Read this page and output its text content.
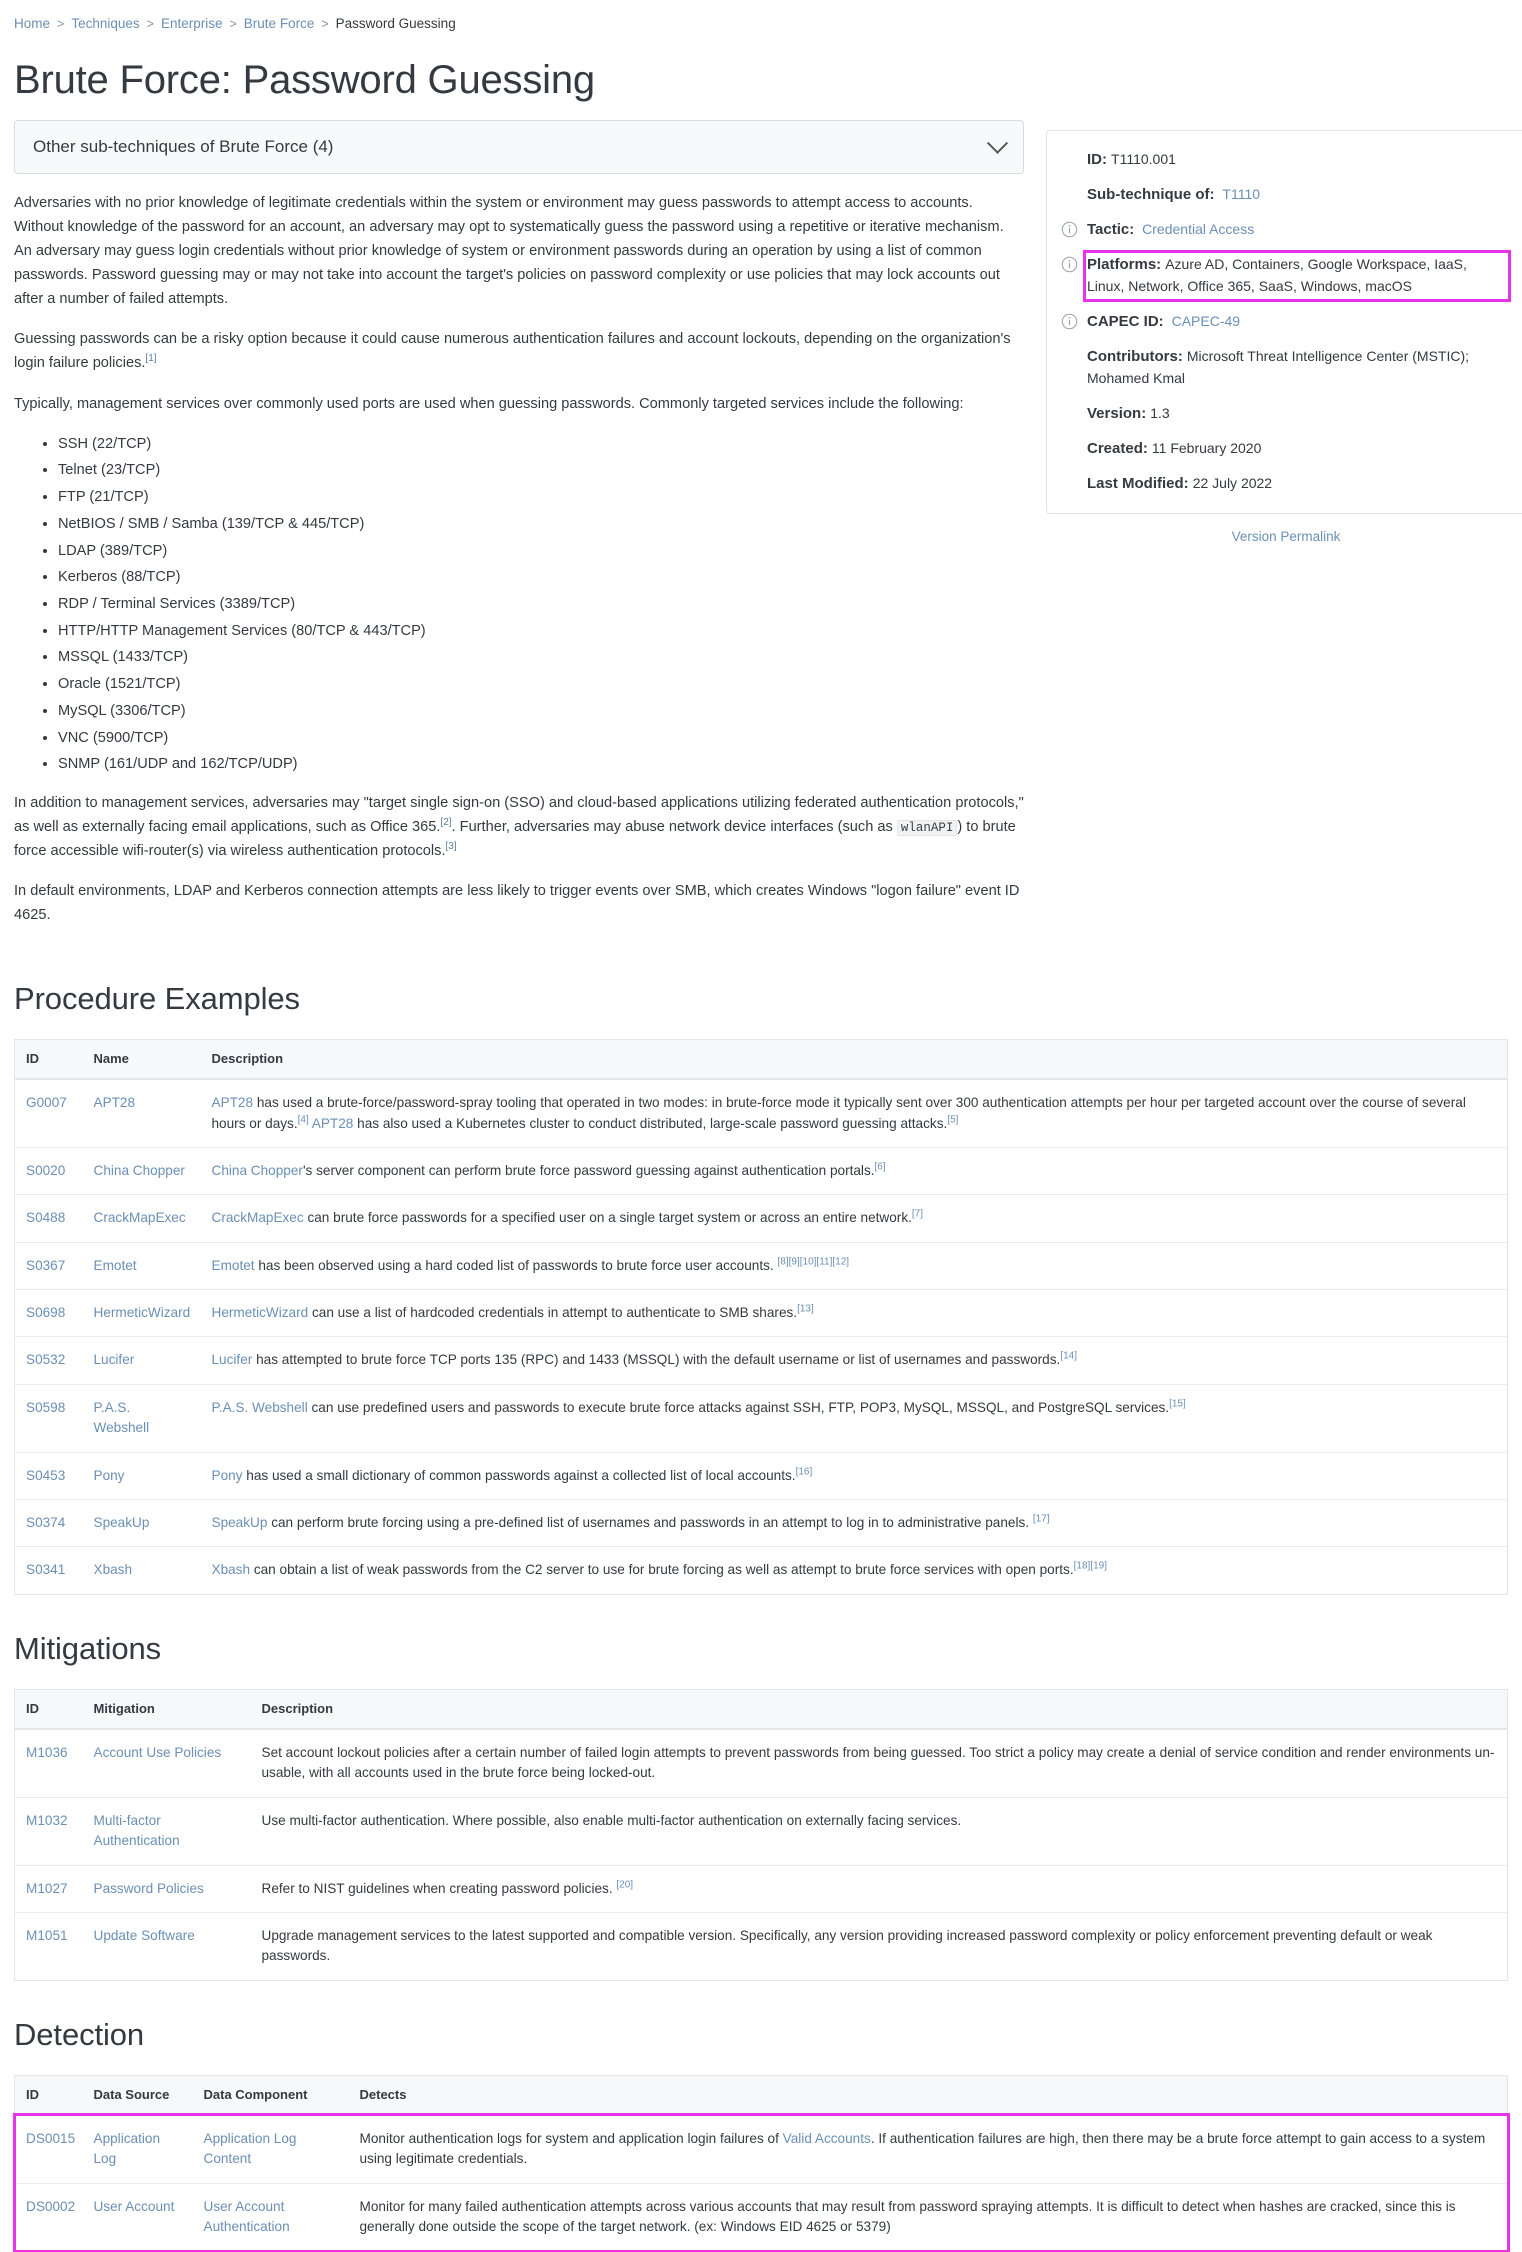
Home > Techniques > Enterprise > Brute Force > Password Guessing
Brute Force: Password Guessing
Other sub-techniques of Brute Force (4)

Adversaries with no prior knowledge of legitimate credentials within the system or environment may guess passwords to attempt access to accounts. Without knowledge of the password for an account, an adversary may opt to systematically guess the password using a repetitive or iterative mechanism. An adversary may guess login credentials without prior knowledge of system or environment passwords during an operation by using a list of common passwords. Password guessing may or may not take into account the target's policies on password complexity or use policies that may lock accounts out after a number of failed attempts.

Guessing passwords can be a risky option because it could cause numerous authentication failures and account lockouts, depending on the organization's login failure policies.[1]

Typically, management services over commonly used ports are used when guessing passwords. Commonly targeted services include the following:

• SSH (22/TCP)
• Telnet (23/TCP)
• FTP (21/TCP)
• NetBIOS / SMB / Samba (139/TCP & 445/TCP)
• LDAP (389/TCP)
• Kerberos (88/TCP)
• RDP / Terminal Services (3389/TCP)
• HTTP/HTTP Management Services (80/TCP & 443/TCP)
• MSSQL (1433/TCP)
• Oracle (1521/TCP)
• MySQL (3306/TCP)
• VNC (5900/TCP)
• SNMP (161/UDP and 162/TCP/UDP)

In addition to management services, adversaries may "target single sign-on (SSO) and cloud-based applications utilizing federated authentication protocols," as well as externally facing email applications, such as Office 365.[2]. Further, adversaries may abuse network device interfaces (such as wlanAPI ) to brute force accessible wifi-router(s) via wireless authentication protocols.[3]

In default environments, LDAP and Kerberos connection attempts are less likely to trigger events over SMB, which creates Windows "logon failure" event ID 4625.

ID: T1110.001
Sub-technique of: T1110
Tactic: Credential Access
Platforms: Azure AD, Containers, Google Workspace, IaaS, Linux, Network, Office 365, SaaS, Windows, macOS
CAPEC ID: CAPEC-49
Contributors: Microsoft Threat Intelligence Center (MSTIC); Mohamed Kmal
Version: 1.3
Created: 11 February 2020
Last Modified: 22 July 2022
Version Permalink
Procedure Examples
ID	Name	Description
G0007	APT28	APT28 has used a brute-force/password-spray tooling that operated in two modes: in brute-force mode it typically sent over 300 authentication attempts per hour per targeted account over the course of several hours or days.[4] APT28 has also used a Kubernetes cluster to conduct distributed, large-scale password guessing attacks.[5]
S0020	China Chopper	China Chopper's server component can perform brute force password guessing against authentication portals.[6]
S0488	CrackMapExec	CrackMapExec can brute force passwords for a specified user on a single target system or across an entire network.[7]
S0367	Emotet	Emotet has been observed using a hard coded list of passwords to brute force user accounts. [8][9][10][11][12]
S0698	HermeticWizard	HermeticWizard can use a list of hardcoded credentials in attempt to authenticate to SMB shares.[13]
S0532	Lucifer	Lucifer has attempted to brute force TCP ports 135 (RPC) and 1433 (MSSQL) with the default username or list of usernames and passwords.[14]
S0598	P.A.S. Webshell	P.A.S. Webshell can use predefined users and passwords to execute brute force attacks against SSH, FTP, POP3, MySQL, MSSQL, and PostgreSQL services.[15]
S0453	Pony	Pony has used a small dictionary of common passwords against a collected list of local accounts.[16]
S0374	SpeakUp	SpeakUp can perform brute forcing using a pre-defined list of usernames and passwords in an attempt to log in to administrative panels. [17]
S0341	Xbash	Xbash can obtain a list of weak passwords from the C2 server to use for brute forcing as well as attempt to brute force services with open ports.[18][19]
Mitigations
ID	Mitigation	Description
M1036	Account Use Policies	Set account lockout policies after a certain number of failed login attempts to prevent passwords from being guessed. Too strict a policy may create a denial of service condition and render environments un-usable, with all accounts used in the brute force being locked-out.
M1032	Multi-factor Authentication	Use multi-factor authentication. Where possible, also enable multi-factor authentication on externally facing services.
M1027	Password Policies	Refer to NIST guidelines when creating password policies. [20]
M1051	Update Software	Upgrade management services to the latest supported and compatible version. Specifically, any version providing increased password complexity or policy enforcement preventing default or weak passwords.
Detection
ID	Data Source	Data Component	Detects
DS0015	Application Log	Application Log Content	Monitor authentication logs for system and application login failures of Valid Accounts. If authentication failures are high, then there may be a brute force attempt to gain access to a system using legitimate credentials.
DS0002	User Account	User Account Authentication	Monitor for many failed authentication attempts across various accounts that may result from password spraying attempts. It is difficult to detect when hashes are cracked, since this is generally done outside the scope of the target network. (ex: Windows EID 4625 or 5379)
